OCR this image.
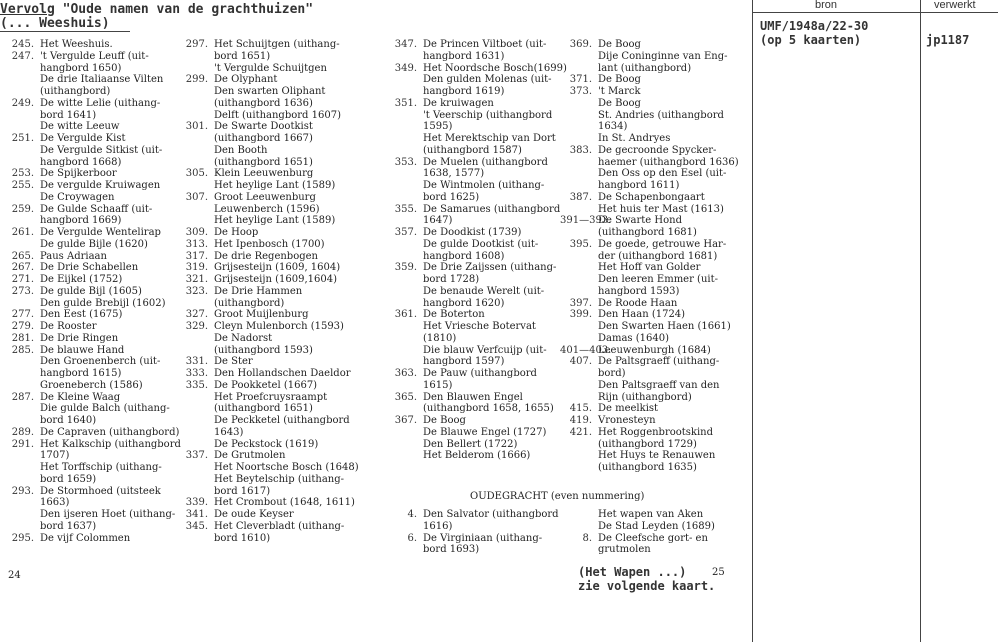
Vervolg "Oude namen van de grachthuizen"
(... Weeshuis)
bron	verwerkt
UMF/1948a/22-30
(op 5 kaarten)	jp1187
245. Het Weeshuis.
247. 't Vergulde Leuff (uit-
hangbord 1650)
De drie Italiaanse Vilten
(uithangbord)
249. De witte Lelie (uithang-
bord 1641)
De witte Leeuw
251. De Vergulde Kist
De Vergulde Sitkist (uit-
hangbord 1668)
253. De Spijkerboor
255. De vergulde Kruiwagen
De Croywagen
259. De Gulde Schaaff (uit-
hangbord 1669)
261. De Vergulde Wentelirap
De gulde Bijle (1620)
265. Paus Adriaan
267. De Drie Schabellen
271. De Eijkel (1752)
273. De gulde Bijl (1605)
Den gulde Brebijl (1602)
277. Den Eest (1675)
279. De Rooster
281. De Drie Ringen
285. De blauwe Hand
Den Groenenberch (uit-
hangbord 1615)
Groeneberch (1586)
287. De Kleine Waag
Die gulde Balch (uithang-
bord 1640)
289. De Capraven (uithangbord)
291. Het Kalkschip (uithangbord
1707)
Het Torffschip (uithang-
bord 1659)
293. De Stormhoed (uitsteek
1663)
Den ijseren Hoet (uithang-
bord 1637)
295. De vijf Colommen
297. Het Schuijtgen (uithang-
bord 1651)
't Vergulde Schuijtgen
299. De Olyphant
Den swarten Oliphant
(uithangbord 1636)
Delft (uithangbord 1607)
301. De Swarte Dootkist
(uithangbord 1667)
Den Booth
(uithangbord 1651)
305. Klein Leeuwenburg
Het heylige Lant (1589)
307. Groot Leeuwenburg
Leuwenberch (1596)
Het heylige Lant (1589)
309. De Hoop
313. Het Ipenbosch (1700)
317. De drie Regenbogen
319. Grijsesteijn (1609, 1604)
321. Grijsesteijn (1609,1604)
323. De Drie Hammen
(uithangbord)
327. Groot Muijlenburg
329. Cleyn Mulenborch (1593)
De Nadorst
(uithangbord 1593)
331. De Ster
333. Den Hollandschen Daeldor
335. De Pookketel (1667)
Het Proefcruysraampt
(uithangbord 1651)
De Peckketel (uithangbord
1643)
De Peckstock (1619)
337. De Grutmolen
Het Noortsche Bosch (1648)
Het Beytelschip (uithang-
bord 1617)
339. Het Crombout (1648, 1611)
341. De oude Keyser
345. Het Cleverbladt (uithang-
bord 1610)
347. De Princen Viltboet (uit-
hangbord 1631)
349. Het Noordsche Bosch(1699)
Den gulden Molenas (uit-
hangbord 1619)
351. De kruiwagen
't Veerschip (uithangbord
1595)
Het Merektschip van Dort
(uithangbord 1587)
353. De Muelen (uithangbord
1638, 1577)
De Wintmolen (uithang-
bord 1625)
355. De Samarues (uithangbord
1647)
357. De Doodkist (1739)
De gulde Dootkist (uit-
hangbord 1608)
359. De Drie Zaijssen (uithang-
bord 1728)
De benaude Werelt (uit-
hangbord 1620)
361. De Boterton
Het Vriesche Botervat
(1810)
Die blauw Verfcuijp (uit-
hangbord 1597)
363. De Pauw (uithangbord
1615)
365. Den Blauwen Engel
(uithangbord 1658, 1655)
367. De Boog
De Blauwe Engel (1727)
Den Bellert (1722)
Het Belderom (1666)
369. De Boog
Dije Coninginne van Eng-
lant (uithangbord)
371. De Boog
373. 't Marck
De Boog
St. Andries (uithangbord
1634)
In St. Andryes
383. De gecroonde Spycker-
haemer (uithangbord 1636)
Den Oss op den Esel (uit-
hangbord 1611)
387. De Schapenbongaart
Het huis ter Mast (1613)
391—393.
De Swarte Hond
(uithangbord 1681)
395. De goede, getrouwe Har-
der (uithangbord 1681)
Het Hoff van Golder
Den leeren Emmer (uit-
hangbord 1593)
397. De Roode Haan
399. Den Haan (1724)
Den Swarten Haen (1661)
Damas (1640)
401—403.
Leeuwenburgh (1684)
407. De Paltsgraeff (uithang-
bord)
Den Paltsgraeff van den
Rijn (uithangbord)
415. De meelkist
419. Vronesteyn
421. Het Roggenbrootskind
(uithangbord 1729)
Het Huys te Renauwen
(uithangbord 1635)
OUDEGRACHT (even nummering)
4. Den Salvator (uithangbord
1616)
6. De Virginiaan (uithang-
bord 1693)
Het wapen van Aken
De Stad Leyden (1689)
8. De Cleefsche gort- en
grutmolen
24	(Het Wapen ...)	25
zie volgende kaart.
